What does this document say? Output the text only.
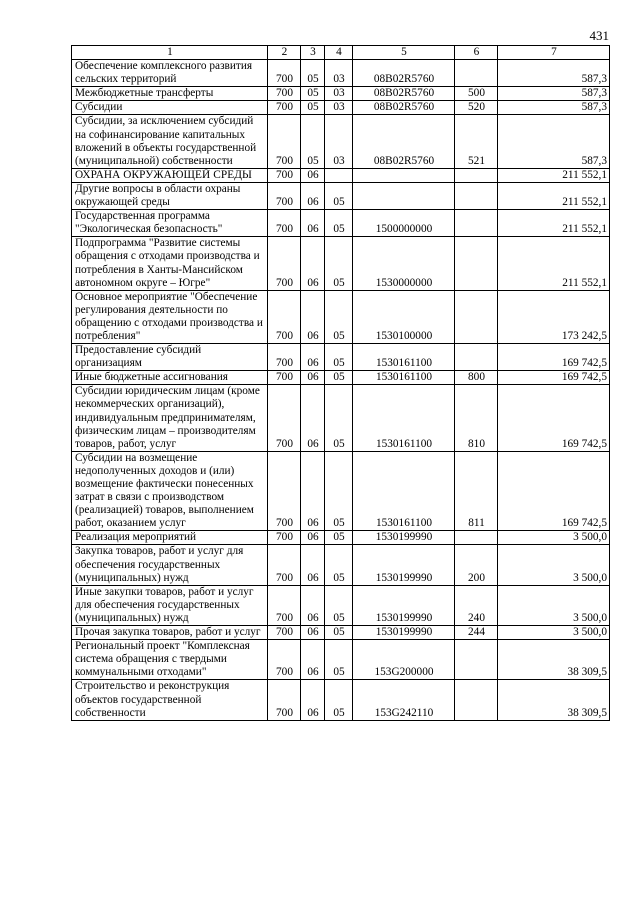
431
1	2	3	4	5	6	7
Обеспечение комплексного развития сельских территорий	700	05	03	08В02R5760		587,3
Межбюджетные трансферты	700	05	03	08В02R5760	500	587,3
Субсидии	700	05	03	08В02R5760	520	587,3
Субсидии, за исключением субсидий на софинансирование капитальных вложений в объекты государственной (муниципальной) собственности	700	05	03	08В02R5760	521	587,3
ОХРАНА ОКРУЖАЮЩЕЙ СРЕДЫ	700	06				211 552,1
Другие вопросы в области охраны окружающей среды	700	06	05			211 552,1
Государственная программа "Экологическая безопасность"	700	06	05	1500000000		211 552,1
Подпрограмма "Развитие системы обращения с отходами производства и потребления в Ханты-Мансийском автономном округе – Югре"	700	06	05	1530000000		211 552,1
Основное мероприятие "Обеспечение регулирования деятельности по обращению с отходами производства и потребления"	700	06	05	1530100000		173 242,5
Предоставление субсидий организациям	700	06	05	1530161100		169 742,5
Иные бюджетные ассигнования	700	06	05	1530161100	800	169 742,5
Субсидии юридическим лицам (кроме некоммерческих организаций), индивидуальным предпринимателям, физическим лицам – производителям товаров, работ, услуг	700	06	05	1530161100	810	169 742,5
Субсидии на возмещение недополученных доходов и (или) возмещение фактически понесенных затрат в связи с производством (реализацией) товаров, выполнением работ, оказанием услуг	700	06	05	1530161100	811	169 742,5
Реализация мероприятий	700	06	05	1530199990		3 500,0
Закупка товаров, работ и услуг для обеспечения государственных (муниципальных) нужд	700	06	05	1530199990	200	3 500,0
Иные закупки товаров, работ и услуг для обеспечения государственных (муниципальных) нужд	700	06	05	1530199990	240	3 500,0
Прочая закупка товаров, работ и услуг	700	06	05	1530199990	244	3 500,0
Региональный проект "Комплексная система обращения с твердыми коммунальными отходами"	700	06	05	153G200000		38 309,5
Строительство и реконструкция объектов государственной собственности	700	06	05	153G242110		38 309,5
